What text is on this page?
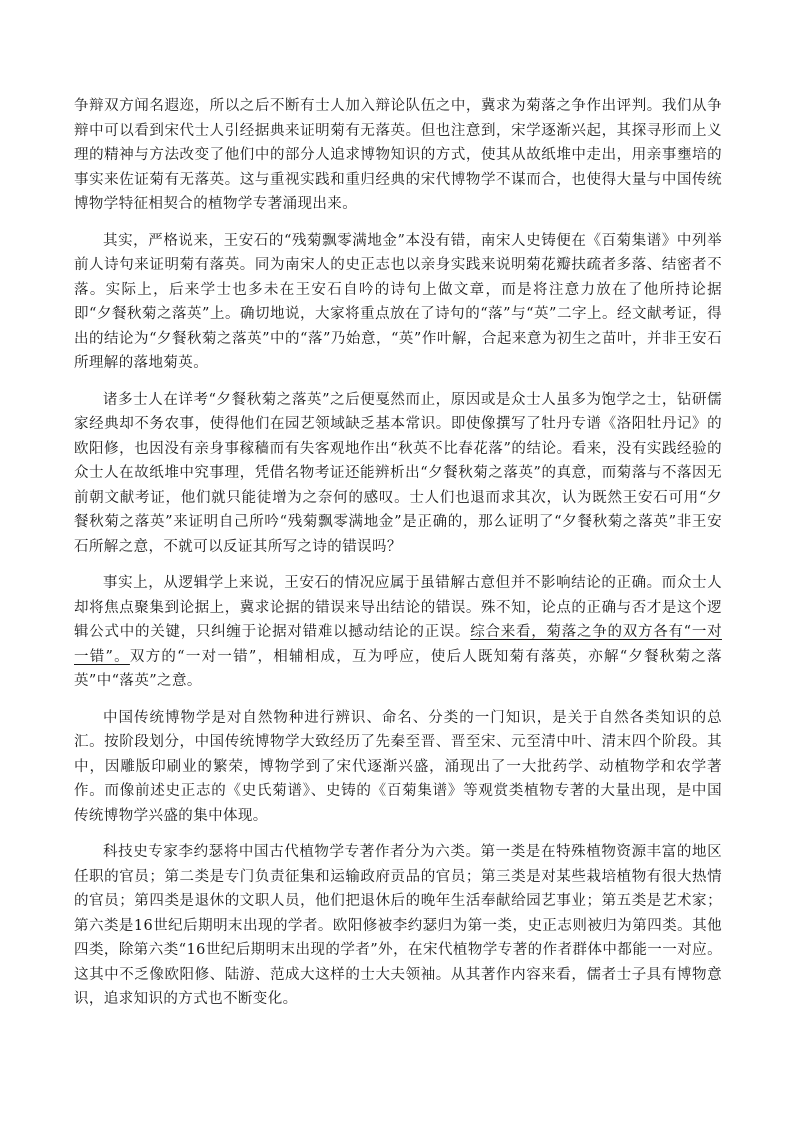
争辩双方闻名遐迩，所以之后不断有士人加入辩论队伍之中，冀求为菊落之争作出评判。我们从争辩中可以看到宋代士人引经据典来证明菊有无落英。但也注意到，宋学逐渐兴起，其探寻形而上义理的精神与方法改变了他们中的部分人追求博物知识的方式，使其从故纸堆中走出，用亲事壅培的事实来佐证菊有无落英。这与重视实践和重归经典的宋代博物学不谋而合，也使得大量与中国传统博物学特征相契合的植物学专著涌现出来。

其实，严格说来，王安石的“残菊飘零满地金”本没有错，南宋人史铸便在《百菊集谱》中列举前人诗句来证明菊有落英。同为南宋人的史正志也以亲身实践来说明菊花瓣扶疏者多落、结密者不落。实际上，后来学士也多未在王安石自吟的诗句上做文章，而是将注意力放在了他所持论据即“夕餐秋菊之落英”上。确切地说，大家将重点放在了诗句的“落”与“英”二字上。经文献考证，得出的结论为“夕餐秋菊之落英”中的“落”乃始意，“英”作叶解，合起来意为初生之苗叶，并非王安石所理解的落地菊英。

诸多士人在详考“夕餐秋菊之落英”之后便戛然而止，原因或是众士人虽多为饱学之士，钻研儒家经典却不务农事，使得他们在园艺领域缺乏基本常识。即使像撰写了牡丹专谱《洛阳牡丹记》的欧阳修，也因没有亲身事稼穑而有失客观地作出“秋英不比春花落”的结论。看来，没有实践经验的众士人在故纸堆中究事理，凭借名物考证还能辨析出“夕餐秋菊之落英”的真意，而菊落与不落因无前朝文献考证，他们就只能徒增为之奈何的感叹。士人们也退而求其次，认为既然王安石可用“夕餐秋菊之落英”来证明自己所吟“残菊飘零满地金”是正确的，那么证明了“夕餐秋菊之落英”非王安石所解之意，不就可以反证其所写之诗的错误吗？

事实上，从逻辑学上来说，王安石的情况应属于虽错解古意但并不影响结论的正确。而众士人却将焦点聚集到论据上，冀求论据的错误来导出结论的错误。殊不知，论点的正确与否才是这个逻辑公式中的关键，只纠缠于论据对错难以撼动结论的正误。综合来看，菊落之争的双方各有“一对一错”。双方的“一对一错”，相辅相成，互为呼应，使后人既知菊有落英，亦解“夕餐秋菊之落英”中“落英”之意。

中国传统博物学是对自然物种进行辨识、命名、分类的一门知识，是关于自然各类知识的总汇。按阶段划分，中国传统博物学大致经历了先秦至晋、晋至宋、元至清中叶、清末四个阶段。其中，因雕版印刷业的繁荣，博物学到了宋代逐渐兴盛，涌现出了一大批药学、动植物学和农学著作。而像前述史正志的《史氏菊谱》、史铸的《百菊集谱》等观赏类植物专著的大量出现，是中国传统博物学兴盛的集中体现。

科技史专家李约瑟将中国古代植物学专著作者分为六类。第一类是在特殊植物资源丰富的地区任职的官员；第二类是专门负责征集和运输政府贡品的官员；第三类是对某些栽培植物有很大热情的官员；第四类是退休的文职人员，他们把退休后的晚年生活奉献给园艺事业；第五类是艺术家；第六类是16世纪后期明末出现的学者。欧阳修被李约瑟归为第一类，史正志则被归为第四类。其他四类，除第六类“16世纪后期明末出现的学者”外，在宋代植物学专著的作者群体中都能一一对应。这其中不乏像欧阳修、陆游、范成大这样的士大夫领袖。从其著作内容来看，儒者士子具有博物意识，追求知识的方式也不断变化。
